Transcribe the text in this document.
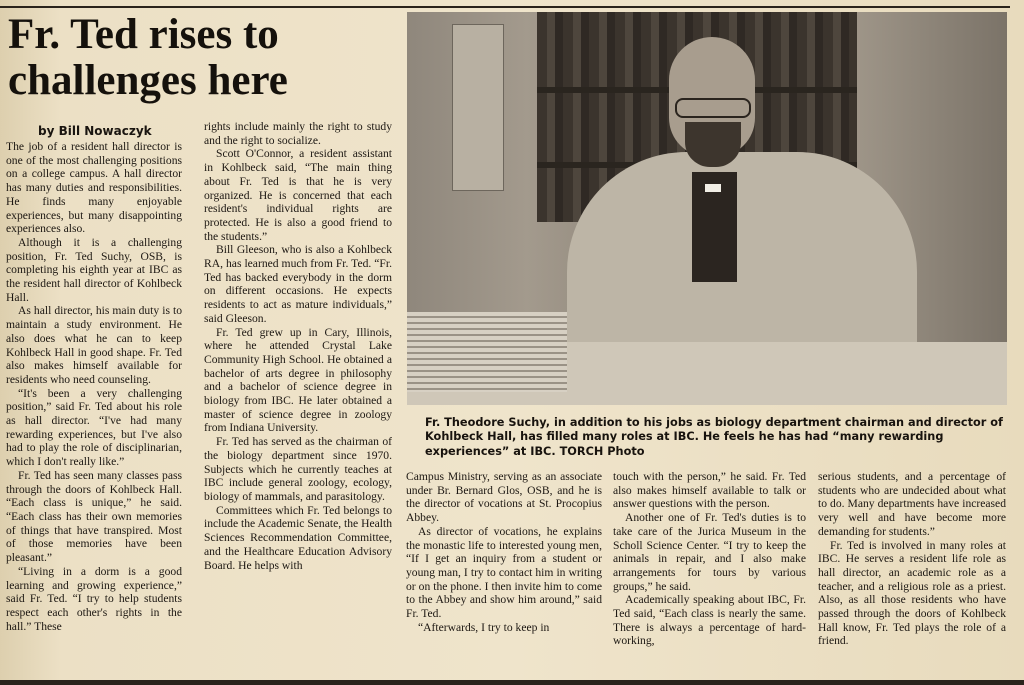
Fr. Ted rises to challenges here
by Bill Nowaczyk

The job of a resident hall director is one of the most challenging positions on a college campus. A hall director has many duties and responsibilities. He finds many enjoyable experiences, but many disappointing experiences also.

Although it is a challenging position, Fr. Ted Suchy, OSB, is completing his eighth year at IBC as the resident hall director of Kohlbeck Hall.

As hall director, his main duty is to maintain a study environment. He also does what he can to keep Kohlbeck Hall in good shape. Fr. Ted also makes himself available for residents who need counseling.

“It's been a very challenging position,” said Fr. Ted about his role as hall director. “I've had many rewarding experiences, but I've also had to play the role of disciplinarian, which I don't really like.”

Fr. Ted has seen many classes pass through the doors of Kohlbeck Hall. “Each class is unique,” he said. “Each class has their own memories of things that have transpired. Most of those memories have been pleasant.”

“Living in a dorm is a good learning and growing experience,” said Fr. Ted. “I try to help students respect each other's rights in the hall.” These

rights include mainly the right to study and the right to socialize.

Scott O'Connor, a resident assistant in Kohlbeck said, “The main thing about Fr. Ted is that he is very organized. He is concerned that each resident's individual rights are protected. He is also a good friend to the students.”

Bill Gleeson, who is also a Kohlbeck RA, has learned much from Fr. Ted. “Fr. Ted has backed everybody in the dorm on different occasions. He expects residents to act as mature individuals,” said Gleeson.

Fr. Ted grew up in Cary, Illinois, where he attended Crystal Lake Community High School. He obtained a bachelor of arts degree in philosophy and a bachelor of science degree in biology from IBC. He later obtained a master of science degree in zoology from Indiana University.

Fr. Ted has served as the chairman of the biology department since 1970. Subjects which he currently teaches at IBC include general zoology, ecology, biology of mammals, and parasitology.

Committees which Fr. Ted belongs to include the Academic Senate, the Health Sciences Recommendation Committee, and the Healthcare Education Advisory Board. He helps with

Fr. Theodore Suchy, in addition to his jobs as biology department chairman and director of Kohlbeck Hall, has filled many roles at IBC. He feels he has had “many rewarding experiences” at IBC. TORCH Photo

Campus Ministry, serving as an associate under Br. Bernard Glos, OSB, and he is the director of vocations at St. Procopius Abbey.

As director of vocations, he explains the monastic life to interested young men, “If I get an inquiry from a student or young man, I try to contact him in writing or on the phone. I then invite him to come to the Abbey and show him around,” said Fr. Ted.

“Afterwards, I try to keep in

touch with the person,” he said. Fr. Ted also makes himself available to talk or answer questions with the person.

Another one of Fr. Ted's duties is to take care of the Jurica Museum in the Scholl Science Center. “I try to keep the animals in repair, and I also make arrangements for tours by various groups,” he said.

Academically speaking about IBC, Fr. Ted said, “Each class is nearly the same. There is always a percentage of hard-working,

serious students, and a percentage of students who are undecided about what to do. Many departments have increased very well and have become more demanding for students.”

Fr. Ted is involved in many roles at IBC. He serves a resident life role as hall director, an academic role as a teacher, and a religious role as a priest. Also, as all those residents who have passed through the doors of Kohlbeck Hall know, Fr. Ted plays the role of a friend.
